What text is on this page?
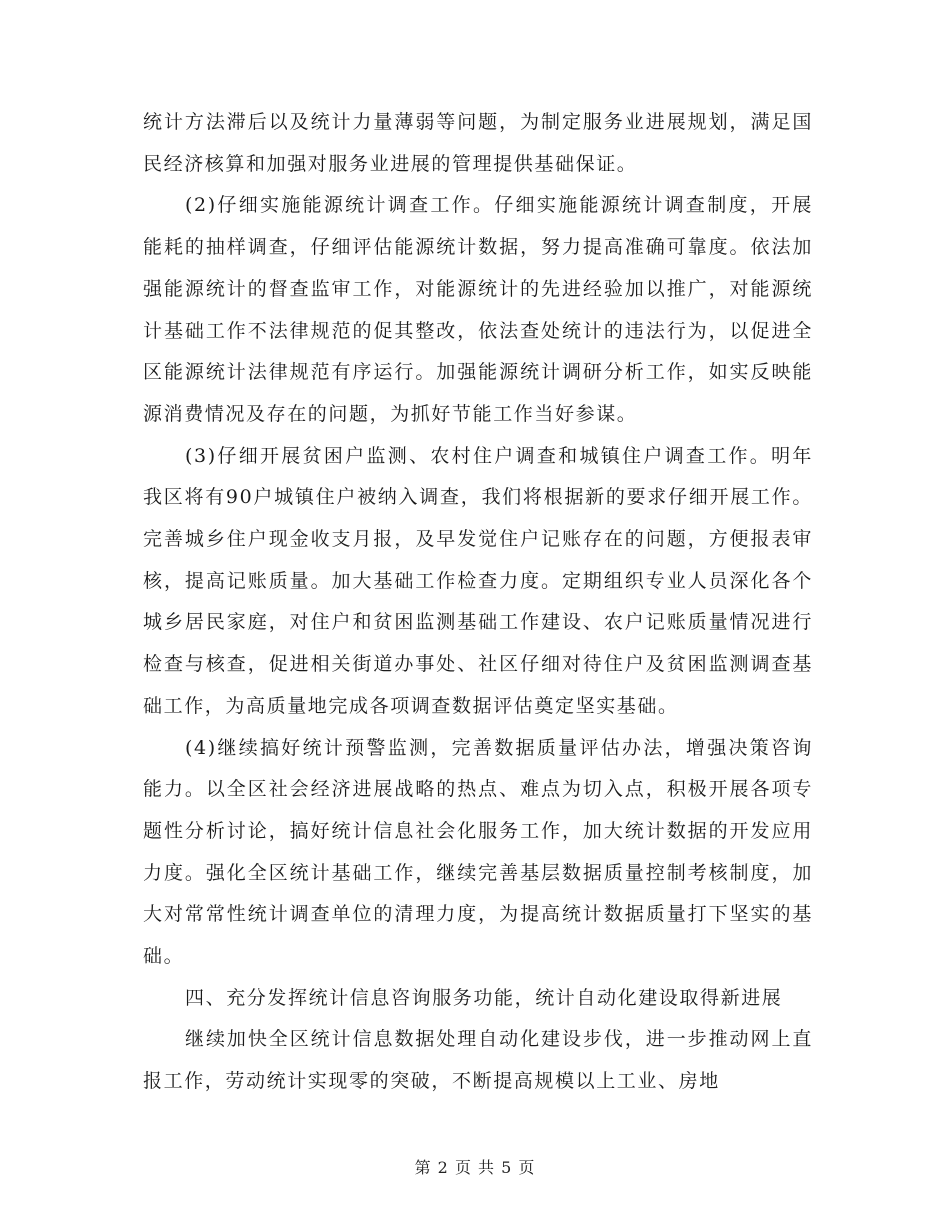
统计方法滞后以及统计力量薄弱等问题，为制定服务业进展规划，满足国民经济核算和加强对服务业进展的管理提供基础保证。

(2)仔细实施能源统计调查工作。仔细实施能源统计调查制度，开展能耗的抽样调查，仔细评估能源统计数据，努力提高准确可靠度。依法加强能源统计的督查监审工作，对能源统计的先进经验加以推广，对能源统计基础工作不法律规范的促其整改，依法查处统计的违法行为，以促进全区能源统计法律规范有序运行。加强能源统计调研分析工作，如实反映能源消费情况及存在的问题，为抓好节能工作当好参谋。

(3)仔细开展贫困户监测、农村住户调查和城镇住户调查工作。明年我区将有90户城镇住户被纳入调查，我们将根据新的要求仔细开展工作。完善城乡住户现金收支月报，及早发觉住户记账存在的问题，方便报表审核，提高记账质量。加大基础工作检查力度。定期组织专业人员深化各个城乡居民家庭，对住户和贫困监测基础工作建设、农户记账质量情况进行检查与核查，促进相关街道办事处、社区仔细对待住户及贫困监测调查基础工作，为高质量地完成各项调查数据评估奠定坚实基础。

(4)继续搞好统计预警监测，完善数据质量评估办法，增强决策咨询能力。以全区社会经济进展战略的热点、难点为切入点，积极开展各项专题性分析讨论，搞好统计信息社会化服务工作，加大统计数据的开发应用力度。强化全区统计基础工作，继续完善基层数据质量控制考核制度，加大对常常性统计调查单位的清理力度，为提高统计数据质量打下坚实的基础。

四、充分发挥统计信息咨询服务功能，统计自动化建设取得新进展

继续加快全区统计信息数据处理自动化建设步伐，进一步推动网上直报工作，劳动统计实现零的突破，不断提高规模以上工业、房地

第 2 页 共 5 页
